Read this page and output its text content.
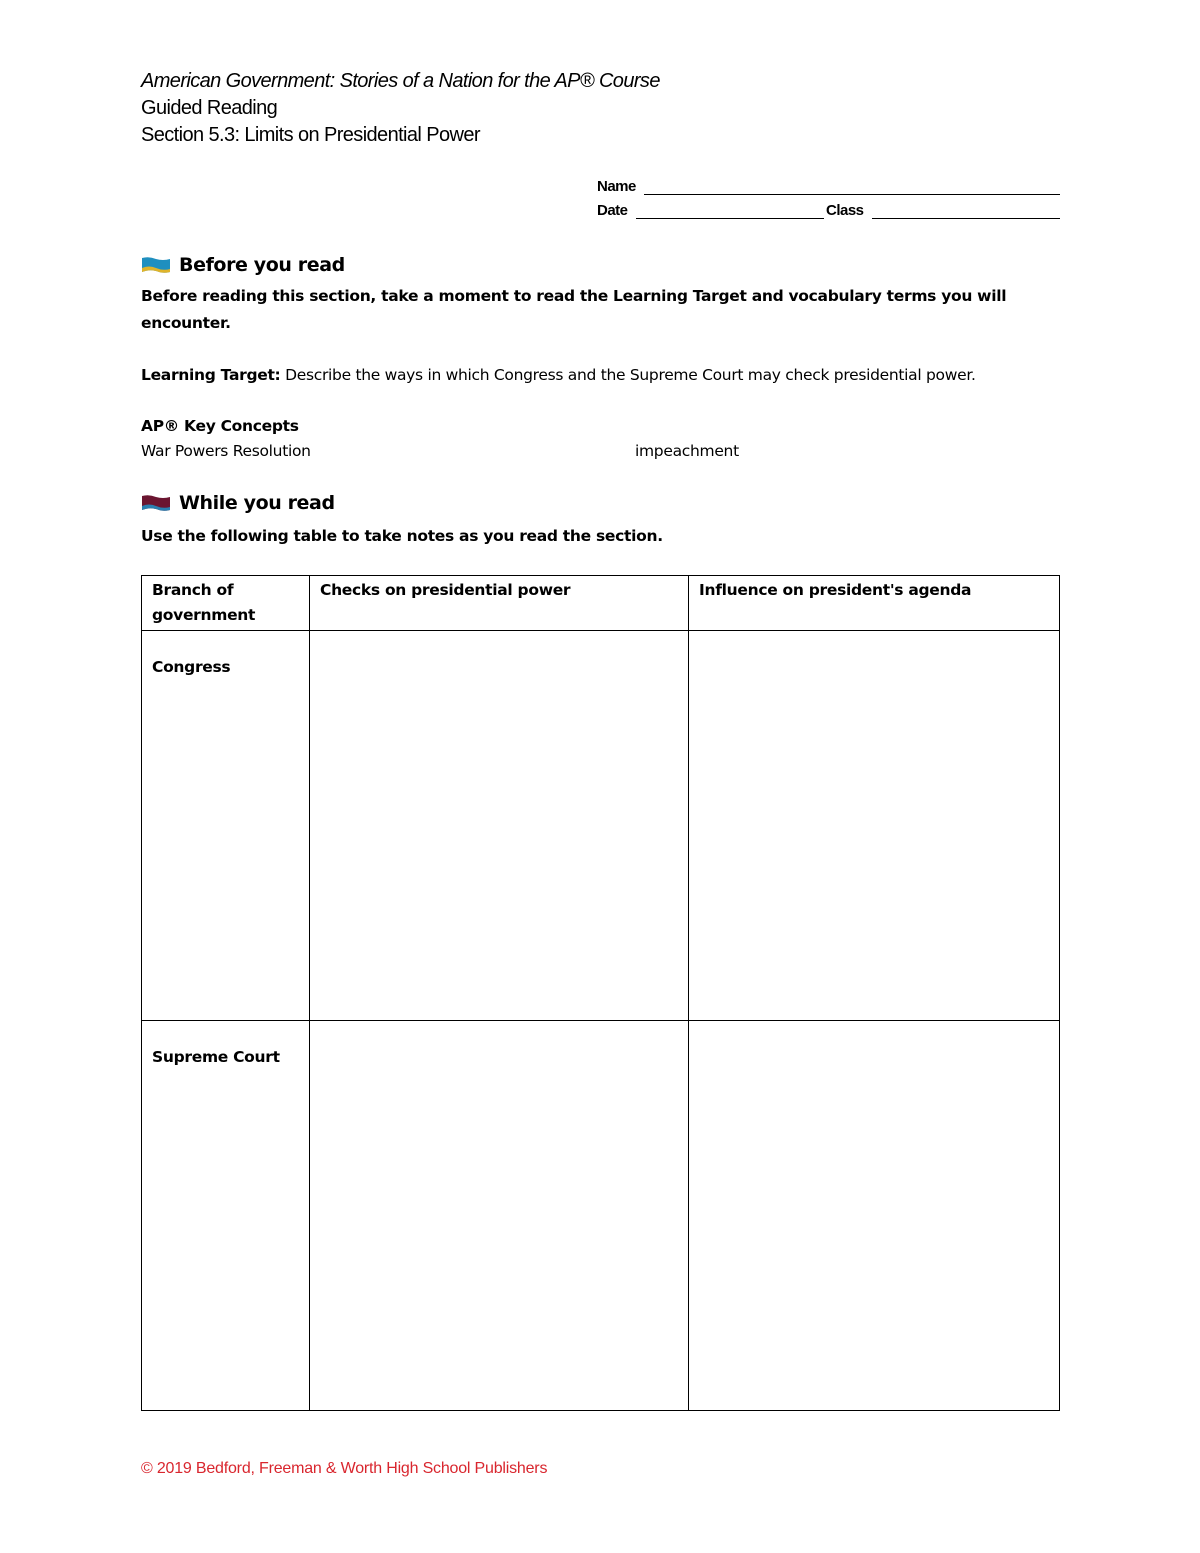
American Government: Stories of a Nation for the AP® Course
Guided Reading
Section 5.3: Limits on Presidential Power
Name
Date	Class
Before you read
Before reading this section, take a moment to read the Learning Target and vocabulary terms you will encounter.
Learning Target: Describe the ways in which Congress and the Supreme Court may check presidential power.
AP® Key Concepts
War Powers Resolution	impeachment
While you read
Use the following table to take notes as you read the section.
Branch of government	Checks on presidential power	Influence on president's agenda
Congress		
Supreme Court		
© 2019 Bedford, Freeman & Worth High School Publishers
